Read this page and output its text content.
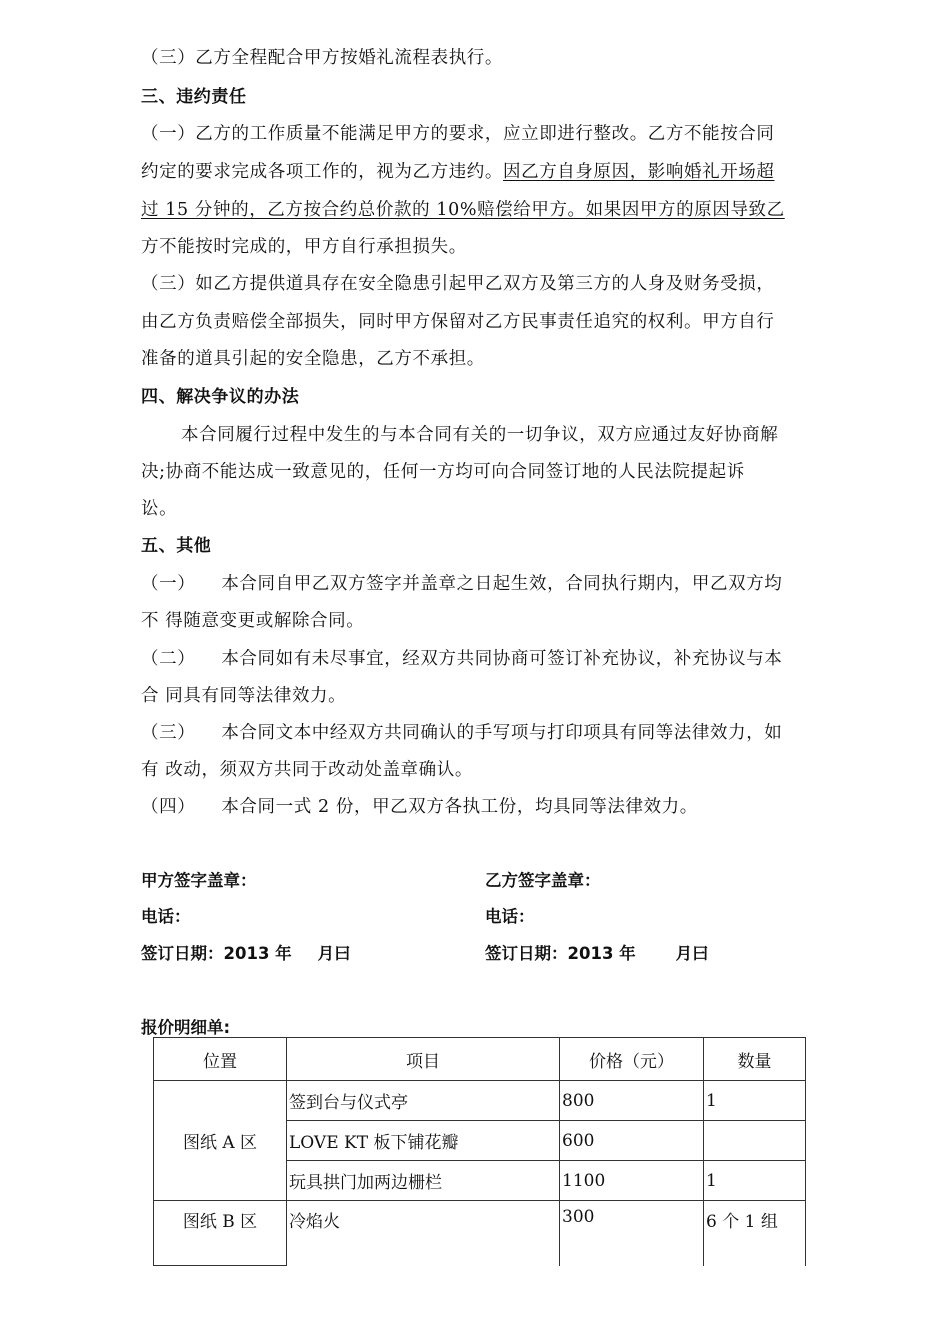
（三）乙方全程配合甲方按婚礼流程表执行。
三、违约责任
（一）乙方的工作质量不能满足甲方的要求，应立即进行整改。乙方不能按合同
约定的要求完成各项工作的，视为乙方违约。因乙方自身原因，影响婚礼开场超
过 15 分钟的，乙方按合约总价款的 10%赔偿给甲方。如果因甲方的原因导致乙
方不能按时完成的，甲方自行承担损失。
（三）如乙方提供道具存在安全隐患引起甲乙双方及第三方的人身及财务受损，
由乙方负责赔偿全部损失，同时甲方保留对乙方民事责任追究的权利。甲方自行
准备的道具引起的安全隐患，乙方不承担。
四、解决争议的办法
本合同履行过程中发生的与本合同有关的一切争议，双方应通过友好协商解
决;协商不能达成一致意见的，任何一方均可向合同签订地的人民法院提起诉
讼。
五、其他
（一） 本合同自甲乙双方签字并盖章之日起生效，合同执行期内，甲乙双方均
不 得随意变更或解除合同。
（二） 本合同如有未尽事宜，经双方共同协商可签订补充协议，补充协议与本
合 同具有同等法律效力。
（三） 本合同文本中经双方共同确认的手写项与打印项具有同等法律效力，如
有 改动，须双方共同于改动处盖章确认。
（四） 本合同一式 2 份，甲乙双方各执工份，均具同等法律效力。
甲方签字盖章：
电话：
签订日期：2013 年 月曰
乙方签字盖章：
电话：
签订日期：2013 年 月曰
报价明细单:
位置	项目	价格（元）	数量
图纸 A 区	签到台与仪式亭	800	1
	LOVE KT 板下铺花瓣	600	
	玩具拱门加两边栅栏	1100	1
图纸 B 区	冷焰火	300	6 个 1 组
